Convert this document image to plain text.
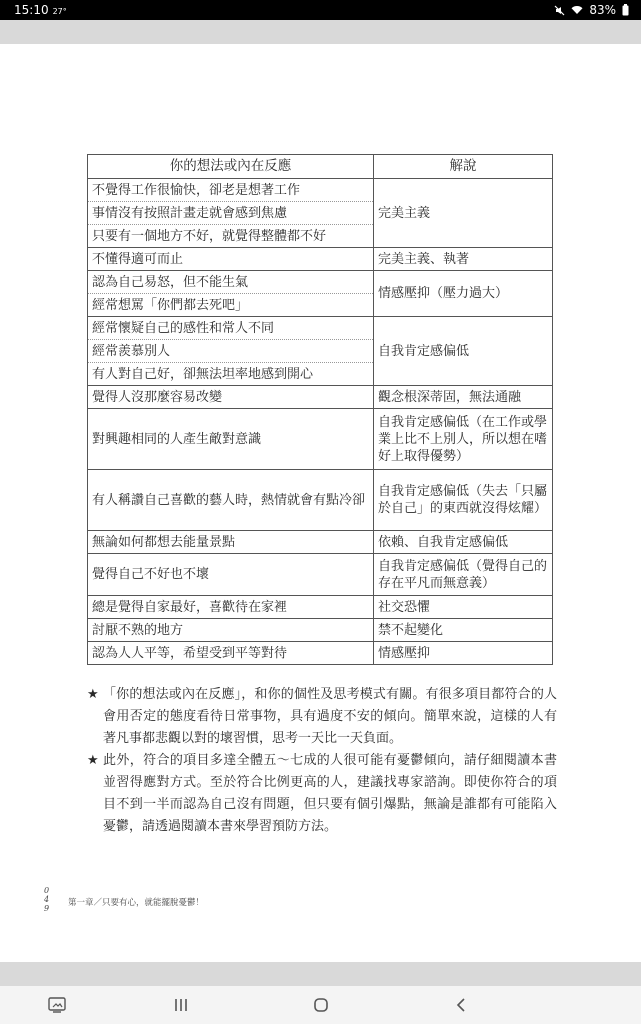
15:10 27°	83%
你的想法或內在反應	解說
不覺得工作很愉快，卻老是想著工作	完美主義
事情沒有按照計畫走就會感到焦慮	
只要有一個地方不好，就覺得整體都不好	
不懂得適可而止	完美主義、執著
認為自己易怒，但不能生氣	情感壓抑（壓力過大）
經常想罵「你們都去死吧」	
經常懷疑自己的感性和常人不同	自我肯定感偏低
經常羨慕別人	
有人對自己好，卻無法坦率地感到開心	
覺得人沒那麼容易改變	觀念根深蒂固，無法通融
對興趣相同的人產生敵對意識	自我肯定感偏低（在工作或學業上比不上別人，所以想在嗜好上取得優勢）
有人稱讚自己喜歡的藝人時，熱情就會有點冷卻	自我肯定感偏低（失去「只屬於自己」的東西就沒得炫耀）
無論如何都想去能量景點	依賴、自我肯定感偏低
覺得自己不好也不壞	自我肯定感偏低（覺得自己的存在平凡而無意義）
總是覺得自家最好，喜歡待在家裡	社交恐懼
討厭不熟的地方	禁不起變化
認為人人平等，希望受到平等對待	情感壓抑
★ 「你的想法或內在反應」，和你的個性及思考模式有關。有很多項目都符合的人會用否定的態度看待日常事物，具有過度不安的傾向。簡單來說，這樣的人有著凡事都悲觀以對的壞習慣，思考一天比一天負面。
★ 此外，符合的項目多達全體五～七成的人很可能有憂鬱傾向，請仔細閱讀本書並習得應對方式。至於符合比例更高的人，建議找專家諮詢。即使你符合的項目不到一半而認為自己沒有問題，但只要有個引爆點，無論是誰都有可能陷入憂鬱，請透過閱讀本書來學習預防方法。
0
4
9
第一章／只要有心，就能擺脫憂鬱！
